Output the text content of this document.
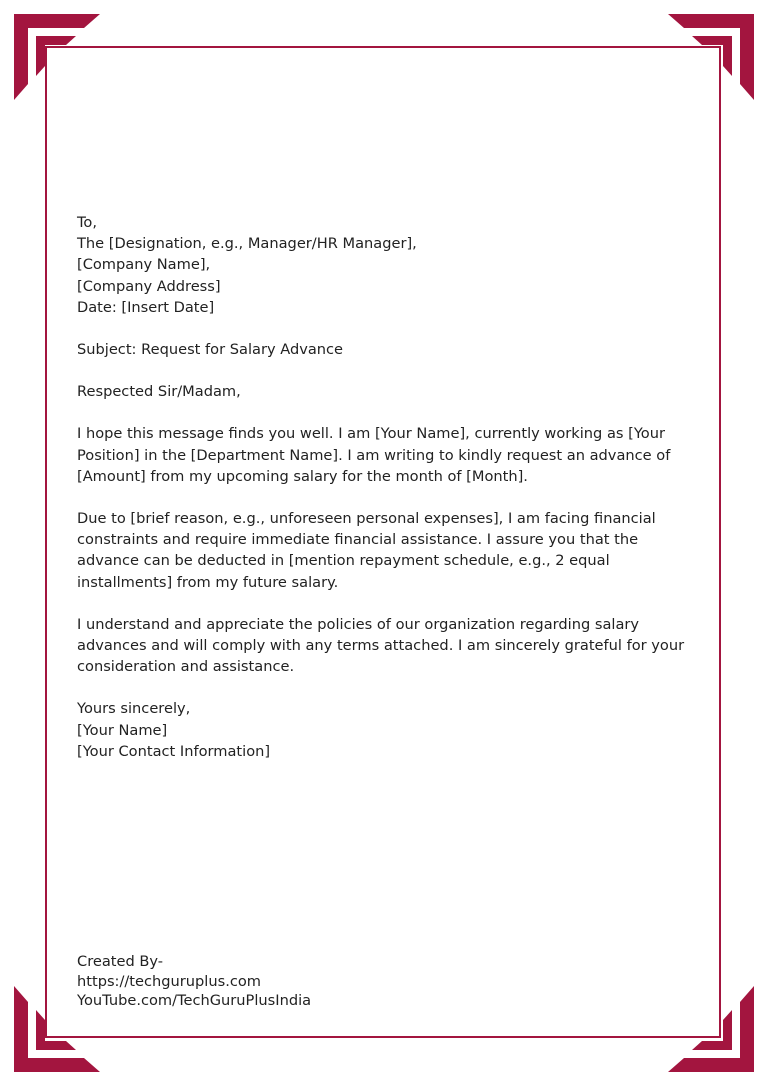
To,
The [Designation, e.g., Manager/HR Manager],
[Company Name],
[Company Address]
Date: [Insert Date]

Subject: Request for Salary Advance

Respected Sir/Madam,

I hope this message finds you well. I am [Your Name], currently working as [Your Position] in the [Department Name]. I am writing to kindly request an advance of [Amount] from my upcoming salary for the month of [Month].

Due to [brief reason, e.g., unforeseen personal expenses], I am facing financial constraints and require immediate financial assistance. I assure you that the advance can be deducted in [mention repayment schedule, e.g., 2 equal installments] from my future salary.

I understand and appreciate the policies of our organization regarding salary advances and will comply with any terms attached. I am sincerely grateful for your consideration and assistance.

Yours sincerely,
[Your Name]
[Your Contact Information]

Created By-
https://techguruplus.com
YouTube.com/TechGuruPlusIndia
